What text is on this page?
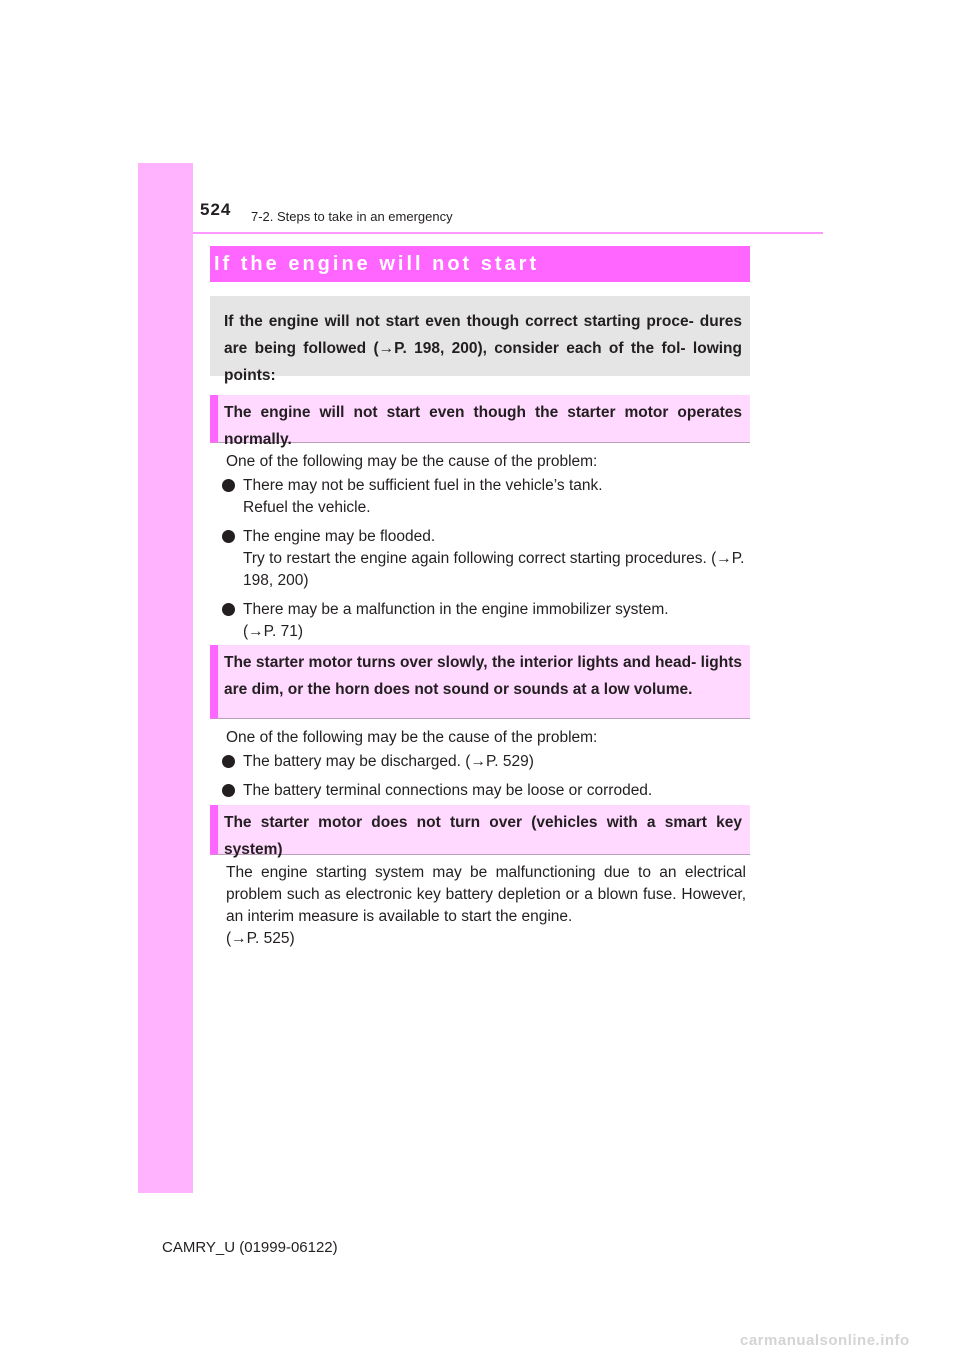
524 7-2. Steps to take in an emergency
If the engine will not start
If the engine will not start even though correct starting proce- dures are being followed (→P. 198, 200), consider each of the fol- lowing points:
The engine will not start even though the starter motor operates normally.

One of the following may be the cause of the problem:

There may not be sufficient fuel in the vehicle’s tank.
Refuel the vehicle.
The engine may be flooded.
Try to restart the engine again following correct starting procedures. (→P. 198, 200)
There may be a malfunction in the engine immobilizer system.
(→P. 71)
The starter motor turns over slowly, the interior lights and head- lights are dim, or the horn does not sound or sounds at a low volume.

One of the following may be the cause of the problem:

The battery may be discharged. (→P. 529)
The battery terminal connections may be loose or corroded.
The starter motor does not turn over (vehicles with a smart key system)

The engine starting system may be malfunctioning due to an electrical problem such as electronic key battery depletion or a blown fuse. However, an interim measure is available to start the engine.

(→P. 525)

CAMRY_U (01999-06122)
carmanualsonline.info
